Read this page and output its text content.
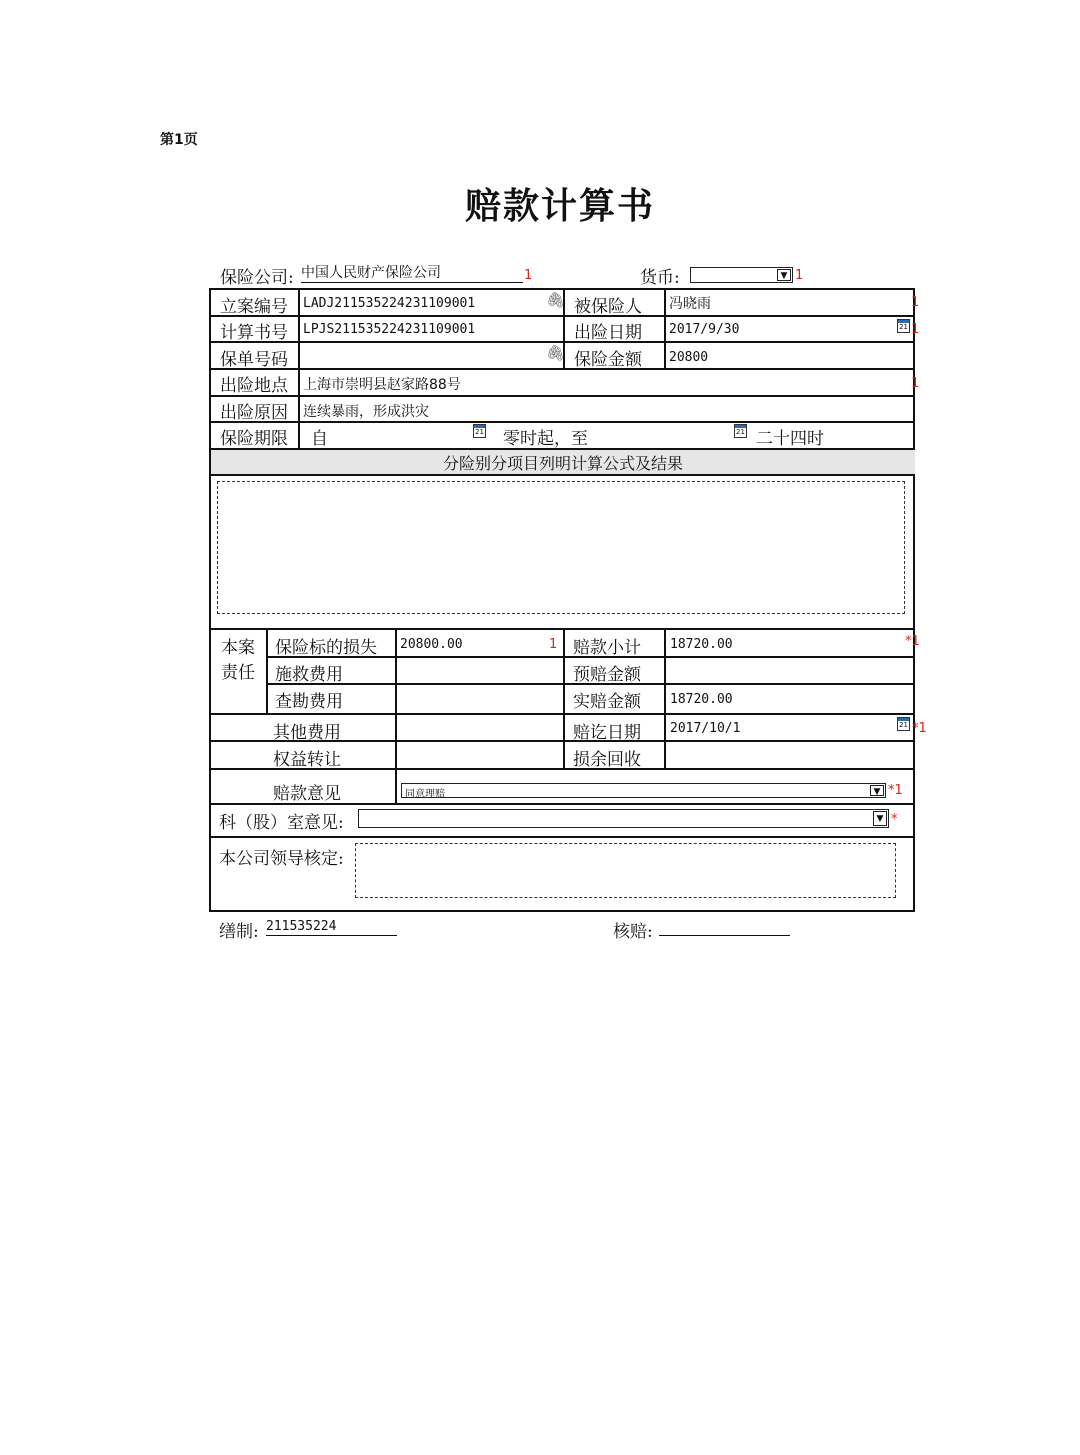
第1页
赔款计算书
保险公司: 中国人民财产保险公司	1	货币:	▼ 1
立案编号 LADJ211535224231109001	🖇 被保险人 冯晓雨	1
计算书号 LPJS211535224231109001	出险日期 2017/9/30	21 1
保单号码	🖇 保险金额 20800
出险地点 上海市崇明县赵家路88号	1
出险原因 连续暴雨，形成洪灾
保险期限 自	21 零时起，至	21 二十四时
分险别分项目列明计算公式及结果
本案
责任
保险标的损失 20800.00	1 赔款小计 18720.00	*1
施救费用	预赔金额
查勘费用	实赔金额 18720.00
其他费用	赔讫日期 2017/10/1	21 *1
权益转让	损余回收
赔款意见	同意理赔	▼ *1
科（股）室意见:	▼ *
本公司领导核定:
缮制: 211535224	核赔:
